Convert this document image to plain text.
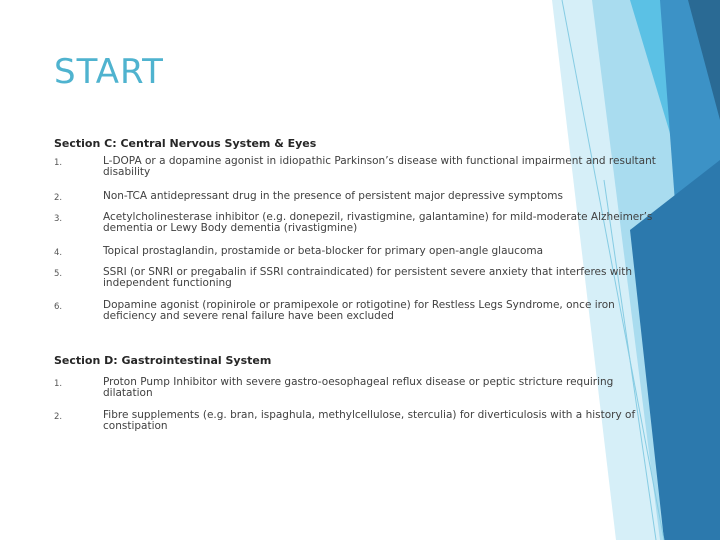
START
Section C: Central Nervous System & Eyes
1.	L-DOPA or a dopamine agonist in idiopathic Parkinson’s disease with functional impairment and resultant disability
2.	Non-TCA antidepressant drug in the presence of persistent major depressive symptoms
3.	Acetylcholinesterase inhibitor (e.g. donepezil, rivastigmine, galantamine) for mild-moderate Alzheimer’s dementia or Lewy Body dementia (rivastigmine)
4.	Topical prostaglandin, prostamide or beta-blocker for primary open-angle glaucoma
5.	SSRI (or SNRI or pregabalin if SSRI contraindicated) for persistent severe anxiety that interferes with independent functioning
6.	Dopamine agonist (ropinirole or pramipexole or rotigotine) for Restless Legs Syndrome, once iron deficiency and severe renal failure have been excluded
Section D: Gastrointestinal System
1.	Proton Pump Inhibitor with severe gastro-oesophageal reflux disease or peptic stricture requiring dilatation
2.	Fibre supplements (e.g. bran, ispaghula, methylcellulose, sterculia) for diverticulosis with a history of constipation
